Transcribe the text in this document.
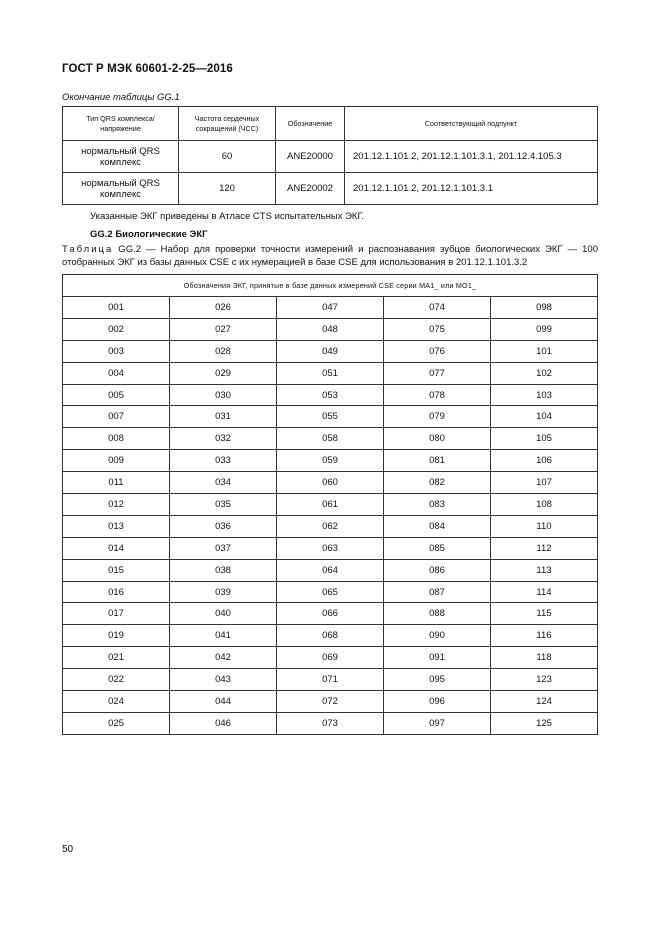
ГОСТ Р МЭК 60601-2-25—2016
Окончание таблицы GG.1
Тип QRS комплекса/ напряжение	Частота сердечных сокращений (ЧСС)	Обозначение	Соответствующий подпункт
нормальный QRS комплекс	60	ANE20000	201.12.1.101.2, 201.12.1.101.3.1, 201.12.4.105.3
нормальный QRS комплекс	120	ANE20002	201.12.1.101.2, 201.12.1.101.3.1
Указанные ЭКГ приведены в Атласе CTS испытательных ЭКГ.
GG.2 Биологические ЭКГ
Таблица GG.2 — Набор для проверки точности измерений и распознавания зубцов биологических ЭКГ — 100 отобранных ЭКГ из базы данных CSE с их нумерацией в базе CSE для использования в 201.12.1.101.3.2
Обозначения ЭКГ, принятые в базе данных измерений CSE серии MA1_ или MO1_				
001	026	047	074	098
002	027	048	075	099
003	028	049	076	101
004	029	051	077	102
005	030	053	078	103
007	031	055	079	104
008	032	058	080	105
009	033	059	081	106
011	034	060	082	107
012	035	061	083	108
013	036	062	084	110
014	037	063	085	112
015	038	064	086	113
016	039	065	087	114
017	040	066	088	115
019	041	068	090	116
021	042	069	091	118
022	043	071	095	123
024	044	072	096	124
025	046	073	097	125
50
